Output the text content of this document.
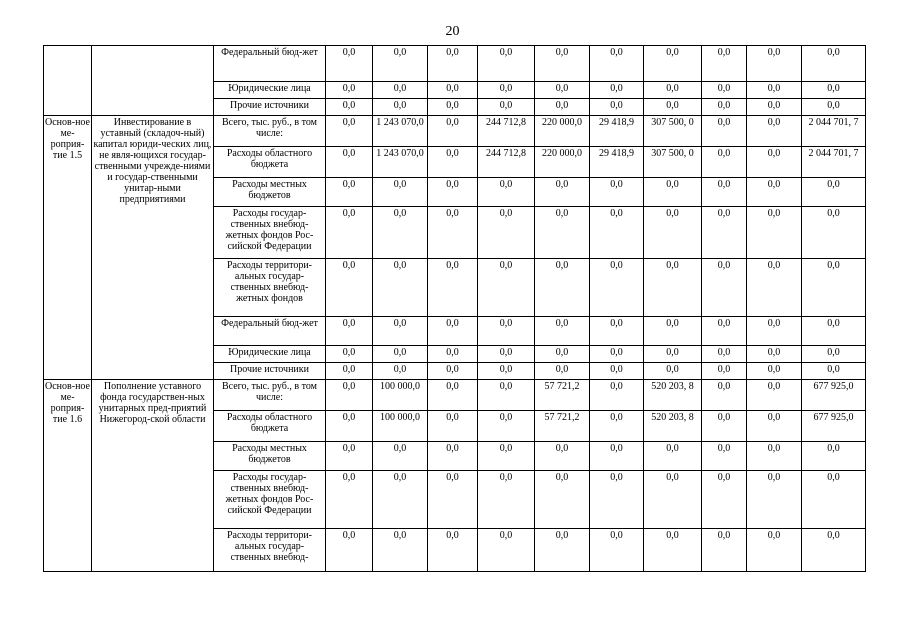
20
		Федеральный бюд-жет	0,0	0,0	0,0	0,0	0,0	0,0	0,0	0,0	0,0	0,0
		Юридические лица	0,0	0,0	0,0	0,0	0,0	0,0	0,0	0,0	0,0	0,0
		Прочие источники	0,0	0,0	0,0	0,0	0,0	0,0	0,0	0,0	0,0	0,0
Основ-ное ме-роприя-тие 1.5	Инвестирование в уставный (складоч-ный) капитал юриди-ческих лиц, не явля-ющихся государ-ственными учрежде-ниями и государ-ственными унитар-ными предприятиями	Всего, тыс. руб., в том числе:	0,0	1 243 070,0	0,0	244 712,8	220 000,0	29 418,9	307 500, 0	0,0	0,0	2 044 701, 7
		Расходы областного бюджета	0,0	1 243 070,0	0,0	244 712,8	220 000,0	29 418,9	307 500, 0	0,0	0,0	2 044 701, 7
		Расходы местных бюджетов	0,0	0,0	0,0	0,0	0,0	0,0	0,0	0,0	0,0	0,0
		Расходы государ-ственных внебюд-жетных фондов Рос-сийской Федерации	0,0	0,0	0,0	0,0	0,0	0,0	0,0	0,0	0,0	0,0
		Расходы территори-альных государ-ственных внебюд-жетных фондов	0,0	0,0	0,0	0,0	0,0	0,0	0,0	0,0	0,0	0,0
		Федеральный бюд-жет	0,0	0,0	0,0	0,0	0,0	0,0	0,0	0,0	0,0	0,0
		Юридические лица	0,0	0,0	0,0	0,0	0,0	0,0	0,0	0,0	0,0	0,0
		Прочие источники	0,0	0,0	0,0	0,0	0,0	0,0	0,0	0,0	0,0	0,0
Основ-ное ме-роприя-тие 1.6	Пополнение уставного фонда государствен-ных унитарных пред-приятий Нижегород-ской области	Всего, тыс. руб., в том числе:	0,0	100 000,0	0,0	0,0	57 721,2	0,0	520 203, 8	0,0	0,0	677 925,0
		Расходы областного бюджета	0,0	100 000,0	0,0	0,0	57 721,2	0,0	520 203, 8	0,0	0,0	677 925,0
		Расходы местных бюджетов	0,0	0,0	0,0	0,0	0,0	0,0	0,0	0,0	0,0	0,0
		Расходы государ-ственных внебюд-жетных фондов Рос-сийской Федерации	0,0	0,0	0,0	0,0	0,0	0,0	0,0	0,0	0,0	0,0
		Расходы территори-альных государ-ственных внебюд-	0,0	0,0	0,0	0,0	0,0	0,0	0,0	0,0	0,0	0,0
